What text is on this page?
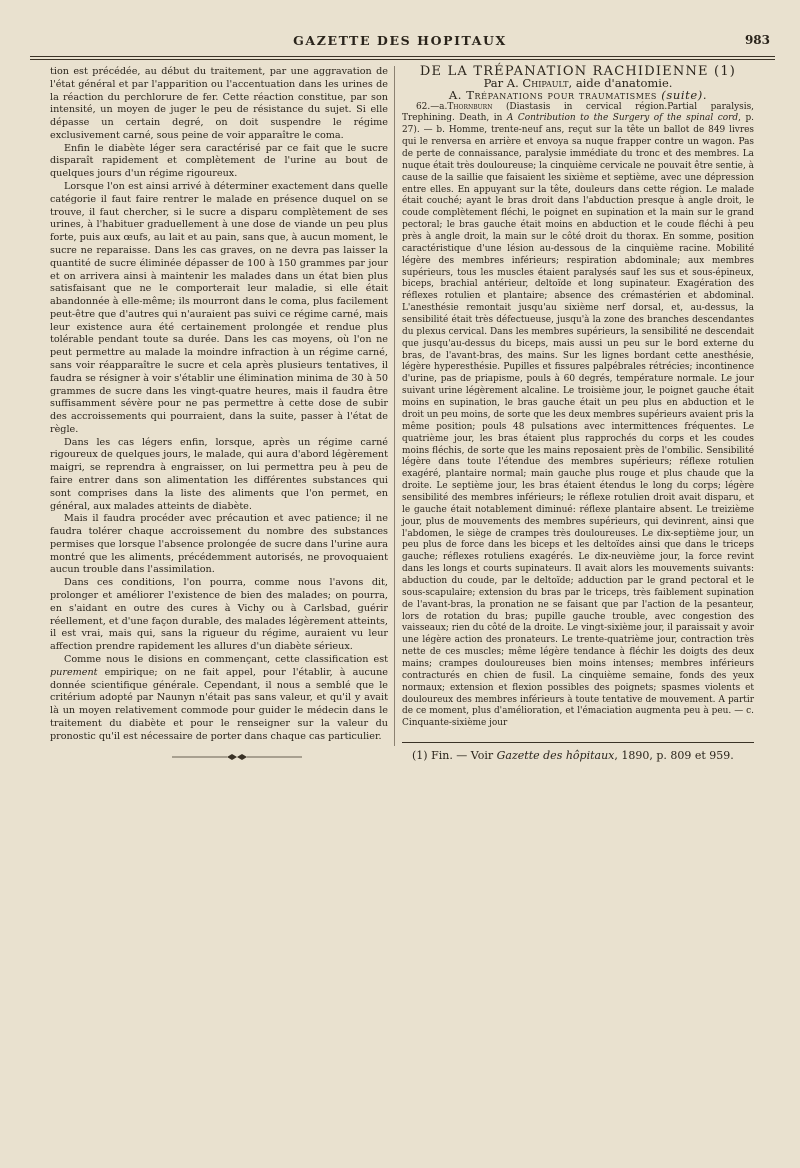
GAZETTE DES HOPITAUX	983

tion est précédée, au début du traitement, par une aggravation de l'état général et par l'apparition ou l'accentuation dans les urines de la réaction du perchlorure de fer. Cette réaction constitue, par son intensité, un moyen de juger le peu de résistance du sujet. Si elle dépasse un certain degré, on doit suspendre le régime exclusivement carné, sous peine de voir apparaître le coma.

Enfin le diabète léger sera caractérisé par ce fait que le sucre disparaît rapidement et complètement de l'urine au bout de quelques jours d'un régime rigoureux.

Lorsque l'on est ainsi arrivé à déterminer exactement dans quelle catégorie il faut faire rentrer le malade en présence duquel on se trouve, il faut chercher, si le sucre a disparu complètement de ses urines, à l'habituer graduellement à une dose de viande un peu plus forte, puis aux œufs, au lait et au pain, sans que, à aucun moment, le sucre ne reparaisse. Dans les cas graves, on ne devra pas laisser la quantité de sucre éliminée dépasser de 100 à 150 grammes par jour et on arrivera ainsi à maintenir les malades dans un état bien plus satisfaisant que ne le comporterait leur maladie, si elle était abandonnée à elle-même; ils mourront dans le coma, plus facilement peut-être que d'autres qui n'auraient pas suivi ce régime carné, mais leur existence aura été certainement prolongée et rendue plus tolérable pendant toute sa durée. Dans les cas moyens, où l'on ne peut permettre au malade la moindre infraction à un régime carné, sans voir réapparaître le sucre et cela après plusieurs tentatives, il faudra se résigner à voir s'établir une élimination minima de 30 à 50 grammes de sucre dans les vingt-quatre heures, mais il faudra être suffisamment sévère pour ne pas permettre à cette dose de subir des accroissements qui pourraient, dans la suite, passer à l'état de règle.

Dans les cas légers enfin, lorsque, après un régime carné rigoureux de quelques jours, le malade, qui aura d'abord légèrement maigri, se reprendra à engraisser, on lui permettra peu à peu de faire entrer dans son alimentation les différentes substances qui sont comprises dans la liste des aliments que l'on permet, en général, aux malades atteints de diabète.

Mais il faudra procéder avec précaution et avec patience; il ne faudra tolérer chaque accroissement du nombre des substances permises que lorsque l'absence prolongée de sucre dans l'urine aura montré que les aliments, précédemment autorisés, ne provoquaient aucun trouble dans l'assimilation.

Dans ces conditions, l'on pourra, comme nous l'avons dit, prolonger et améliorer l'existence de bien des malades; on pourra, en s'aidant en outre des cures à Vichy ou à Carlsbad, guérir réellement, et d'une façon durable, des malades légèrement atteints, il est vrai, mais qui, sans la rigueur du régime, auraient vu leur affection prendre rapidement les allures d'un diabète sérieux.

Comme nous le disions en commençant, cette classification est purement empirique; on ne fait appel, pour l'établir, à aucune donnée scientifique générale. Cependant, il nous a semblé que le critérium adopté par Naunyn n'était pas sans valeur, et qu'il y avait là un moyen relativement commode pour guider le médecin dans le traitement du diabète et pour le renseigner sur la valeur du pronostic qu'il est nécessaire de porter dans chaque cas particulier.

DE LA TRÉPANATION RACHIDIENNE (1)

Par A. Chipault, aide d'anatomie.

A. Trépanations pour traumatismes (suite).

62.—a.Thornburn (Diastasis in cervical région.Partial paralysis, Trephining. Death, in A Contribution to the Surgery of the spinal cord, p. 27). — b. Homme, trente-neuf ans, reçut sur la tête un ballot de 849 livres qui le renversa en arrière et envoya sa nuque frapper contre un wagon. Pas de perte de connaissance, paralysie immédiate du tronc et des membres. La nuque était très douloureuse; la cinquième cervicale ne pouvait être sentie, à cause de la saillie que faisaient les sixième et septième, avec une dépression entre elles. En appuyant sur la tête, douleurs dans cette région. Le malade était couché; ayant le bras droit dans l'abduction presque à angle droit, le coude complètement fléchi, le poignet en supination et la main sur le grand pectoral; le bras gauche était moins en abduction et le coude fléchi à peu près à angle droit, la main sur le côté droit du thorax. En somme, position caractéristique d'une lésion au-dessous de la cinquième racine. Mobilité légère des membres inférieurs; respiration abdominale; aux membres supérieurs, tous les muscles étaient paralysés sauf les sus et sous-épineux, biceps, brachial antérieur, deltoïde et long supinateur. Exagération des réflexes rotulien et plantaire; absence des crémastérien et abdominal. L'anesthésie remontait jusqu'au sixième nerf dorsal, et, au-dessus, la sensibilité était très défectueuse, jusqu'à la zone des branches descendantes du plexus cervical. Dans les membres supérieurs, la sensibilité ne descendait que jusqu'au-dessus du biceps, mais aussi un peu sur le bord externe du bras, de l'avant-bras, des mains. Sur les lignes bordant cette anesthésie, légère hyperesthésie. Pupilles et fissures palpébrales rétrécies; incontinence d'urine, pas de priapisme, pouls à 60 degrés, température normale. Le jour suivant urine légèrement alcaline. Le troisième jour, le poignet gauche était moins en supination, le bras gauche était un peu plus en abduction et le droit un peu moins, de sorte que les deux membres supérieurs avaient pris la même position; pouls 48 pulsations avec intermittences fréquentes. Le quatrième jour, les bras étaient plus rapprochés du corps et les coudes moins fléchis, de sorte que les mains reposaient près de l'ombilic. Sensibilité légère dans toute l'étendue des membres supérieurs; réflexe rotulien exagéré, plantaire normal; main gauche plus rouge et plus chaude que la droite. Le septième jour, les bras étaient étendus le long du corps; légère sensibilité des membres inférieurs; le réflexe rotulien droit avait disparu, et le gauche était notablement diminué: réflexe plantaire absent. Le treizième jour, plus de mouvements des membres supérieurs, qui devinrent, ainsi que l'abdomen, le siège de crampes très douloureuses. Le dix-septième jour, un peu plus de force dans les biceps et les deltoïdes ainsi que dans le triceps gauche; réflexes rotuliens exagérés. Le dix-neuvième jour, la force revint dans les longs et courts supinateurs. Il avait alors les mouvements suivants: abduction du coude, par le deltoïde; adduction par le grand pectoral et le sous-scapulaire; extension du bras par le triceps, très faiblement supination de l'avant-bras, la pronation ne se faisant que par l'action de la pesanteur, lors de rotation du bras; pupille gauche trouble, avec congestion des vaisseaux; rien du côté de la droite. Le vingt-sixième jour, il paraissait y avoir une légère action des pronateurs. Le trente-quatrième jour, contraction très nette de ces muscles; même légère tendance à fléchir les doigts des deux mains; crampes douloureuses bien moins intenses; membres inférieurs contracturés en chien de fusil. La cinquième semaine, fonds des yeux normaux; extension et flexion possibles des poignets; spasmes violents et douloureux des membres inférieurs à toute tentative de mouvement. A partir de ce moment, plus d'amélioration, et l'émaciation augmenta peu à peu. — c. Cinquante-sixième jour

(1) Fin. — Voir Gazette des hôpitaux, 1890, p. 809 et 959.
